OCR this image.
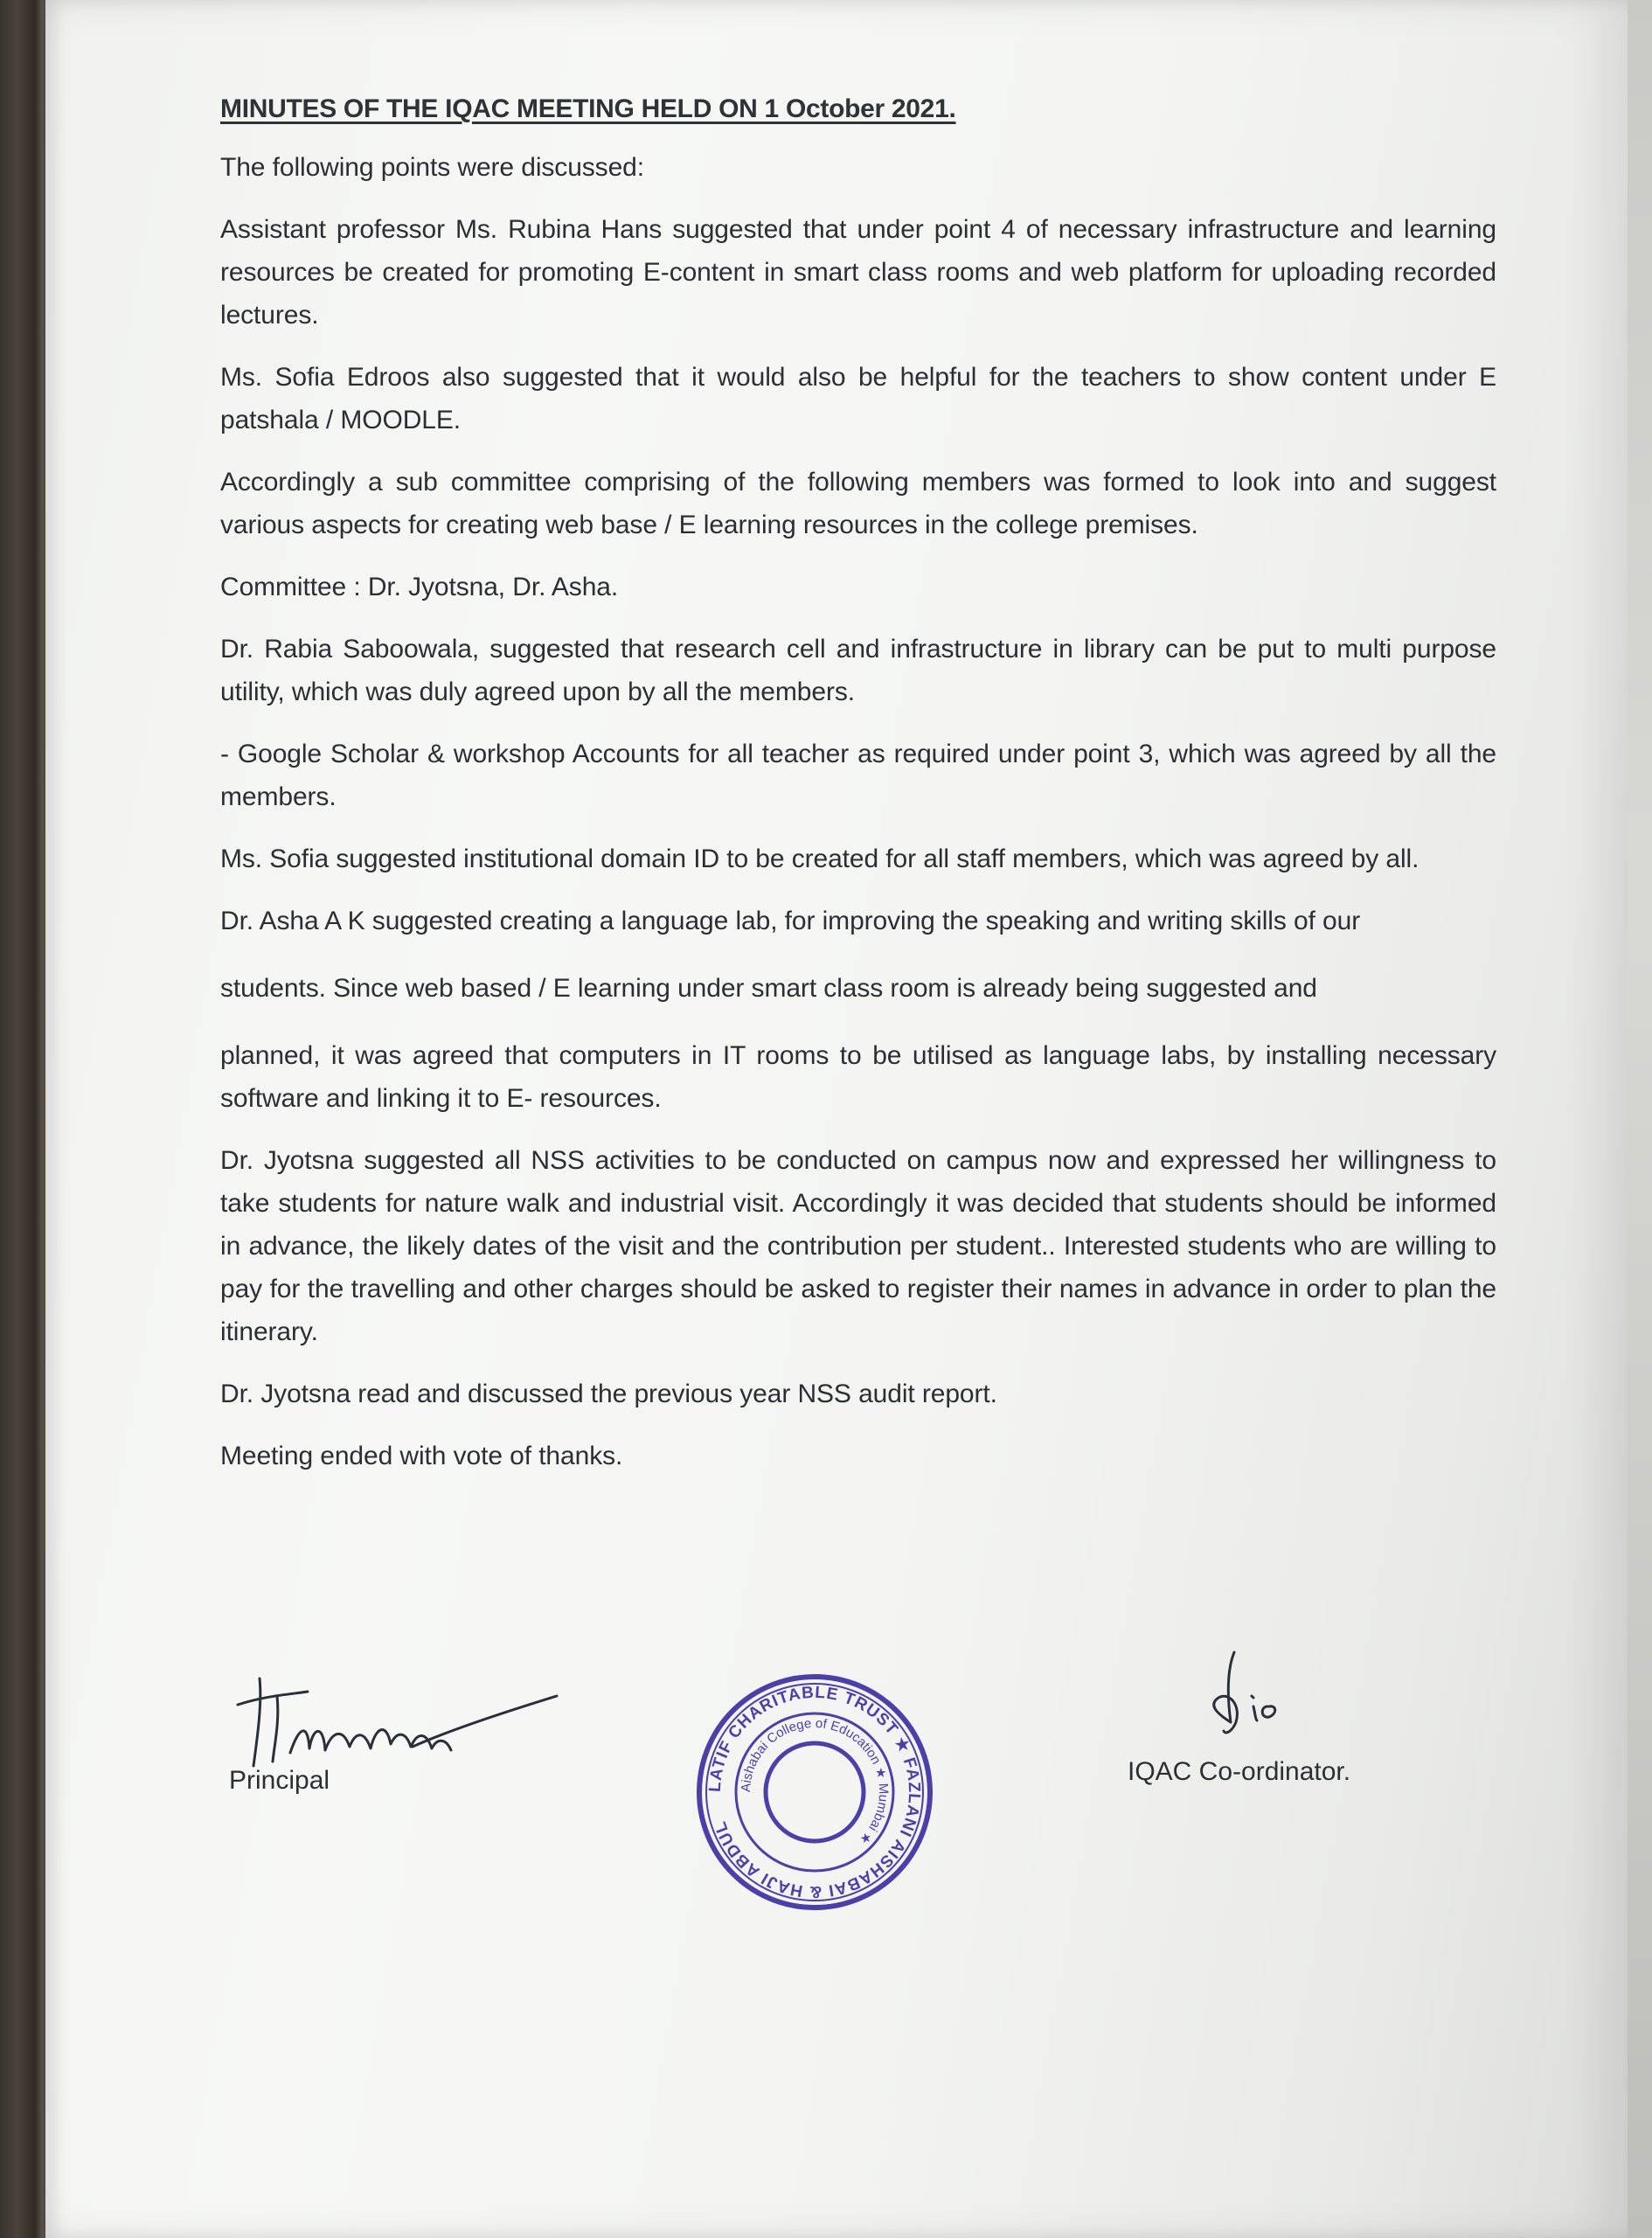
MINUTES OF THE IQAC MEETING HELD ON 1 October 2021.

The following points were discussed:

Assistant professor Ms. Rubina Hans suggested that under point 4 of necessary infrastructure and learning resources be created for promoting E-content in smart class rooms and web platform for uploading recorded lectures.

Ms. Sofia Edroos also suggested that it would also be helpful for the teachers to show content under E patshala / MOODLE.

Accordingly a sub committee comprising of the following members was formed to look into and suggest various aspects for creating web base / E learning resources in the college premises.

Committee : Dr. Jyotsna, Dr. Asha.

Dr. Rabia Saboowala, suggested that research cell and infrastructure in library can be put to multi purpose utility, which was duly agreed upon by all the members.

- Google Scholar & workshop Accounts for all teacher as required under point 3, which was agreed by all the members.

Ms. Sofia suggested institutional domain ID to be created for all staff members, which was agreed by all.

Dr. Asha A K suggested creating a language lab, for improving the speaking and writing skills of our

students. Since web based / E learning under smart class room is already being suggested and

planned, it was agreed that computers in IT rooms to be utilised as language labs, by installing necessary software and linking it to E- resources.

Dr. Jyotsna suggested all NSS activities to be conducted on campus now and expressed her willingness to take students for nature walk and industrial visit. Accordingly it was decided that students should be informed in advance, the likely dates of the visit and the contribution per student.. Interested students who are willing to pay for the travelling and other charges should be asked to register their names in advance in order to plan the itinerary.

Dr. Jyotsna read and discussed the previous year NSS audit report.

Meeting ended with vote of thanks.

Principal	LATIF CHARITABLE TRUST ★ FAZLANI AISHABAI & HAJI ABDUL
Aishabai College of Education ★ Mumbai ★
IQAC Co-ordinator.
